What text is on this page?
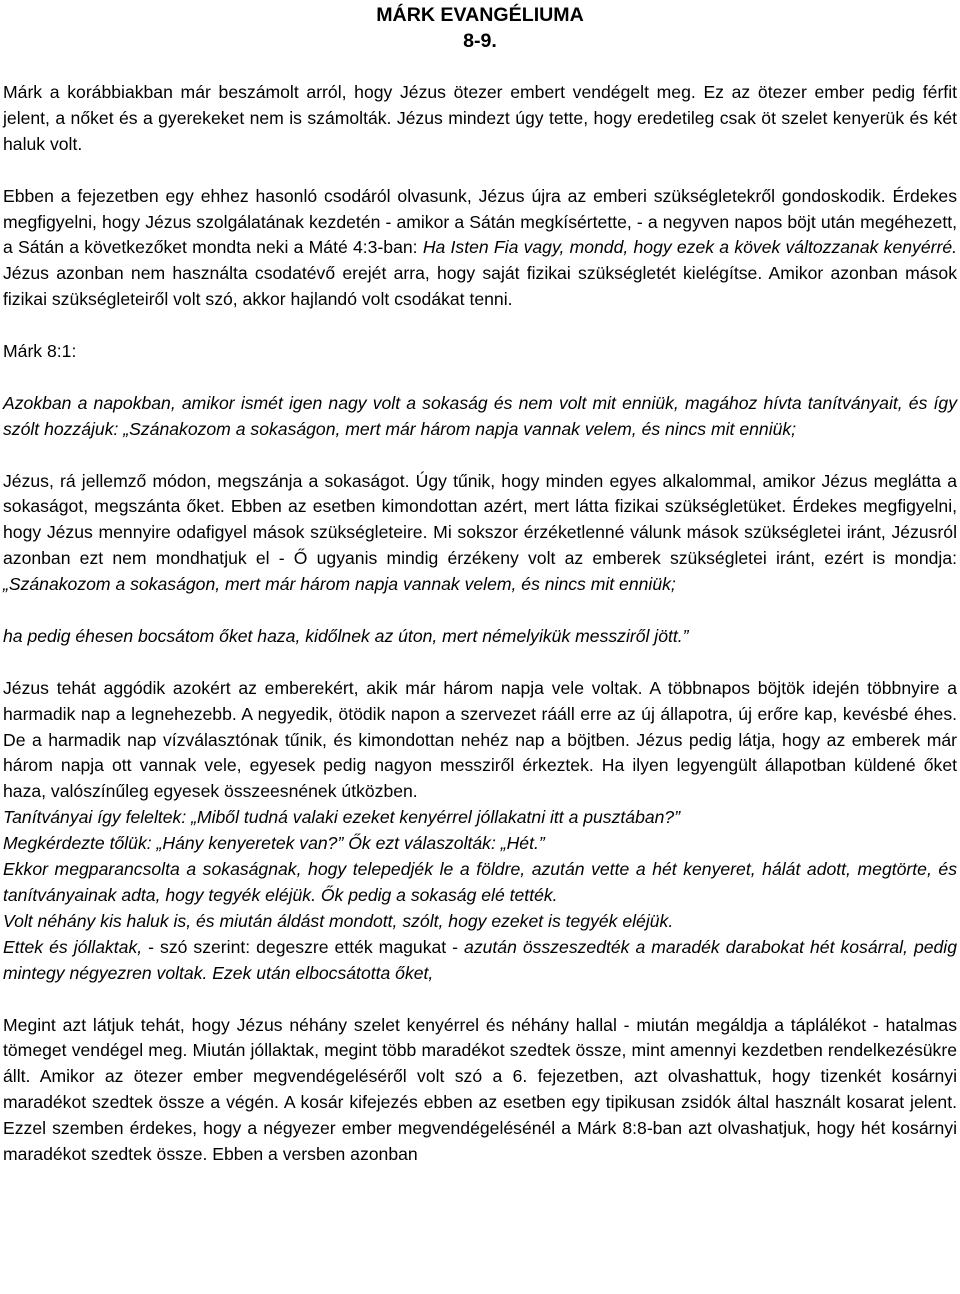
MÁRK EVANGÉLIUMA

8-9.

Márk a korábbiakban már beszámolt arról, hogy Jézus ötezer embert vendégelt meg. Ez az ötezer ember pedig férfit jelent, a nőket és a gyerekeket nem is számolták. Jézus mindezt úgy tette, hogy eredetileg csak öt szelet kenyerük és két haluk volt.

Ebben a fejezetben egy ehhez hasonló csodáról olvasunk, Jézus újra az emberi szükségletekről gondoskodik. Érdekes megfigyelni, hogy Jézus szolgálatának kezdetén - amikor a Sátán megkísértette, - a negyven napos böjt után megéhezett, a Sátán a következőket mondta neki a Máté 4:3-ban: Ha Isten Fia vagy, mondd, hogy ezek a kövek változzanak kenyérré. Jézus azonban nem használta csodatévő erejét arra, hogy saját fizikai szükségletét kielégítse. Amikor azonban mások fizikai szükségleteiről volt szó, akkor hajlandó volt csodákat tenni.

Márk 8:1:

Azokban a napokban, amikor ismét igen nagy volt a sokaság és nem volt mit enniük, magához hívta tanítványait, és így szólt hozzájuk: „Szánakozom a sokaságon, mert már három napja vannak velem, és nincs mit enniük;

Jézus, rá jellemző módon, megszánja a sokaságot. Úgy tűnik, hogy minden egyes alkalommal, amikor Jézus meglátta a sokaságot, megszánta őket. Ebben az esetben kimondottan azért, mert látta fizikai szükségletüket. Érdekes megfigyelni, hogy Jézus mennyire odafigyel mások szükségleteire. Mi sokszor érzéketlenné válunk mások szükségletei iránt, Jézusról azonban ezt nem mondhatjuk el - Ő ugyanis mindig érzékeny volt az emberek szükségletei iránt, ezért is mondja: „Szánakozom a sokaságon, mert már három napja vannak velem, és nincs mit enniük;

ha pedig éhesen bocsátom őket haza, kidőlnek az úton, mert némelyikük messziről jött.”

Jézus tehát aggódik azokért az emberekért, akik már három napja vele voltak. A többnapos böjtök idején többnyire a harmadik nap a legnehezebb. A negyedik, ötödik napon a szervezet rááll erre az új állapotra, új erőre kap, kevésbé éhes. De a harmadik nap vízválasztónak tűnik, és kimondottan nehéz nap a böjtben. Jézus pedig látja, hogy az emberek már három napja ott vannak vele, egyesek pedig nagyon messziről érkeztek. Ha ilyen legyengült állapotban küldené őket haza, valószínűleg egyesek összeesnének útközben.

Tanítványai így feleltek: „Miből tudná valaki ezeket kenyérrel jóllakatni itt a pusztában?”

Megkérdezte tőlük: „Hány kenyeretek van?” Ők ezt válaszolták: „Hét.”

Ekkor megparancsolta a sokaságnak, hogy telepedjék le a földre, azután vette a hét kenyeret, hálát adott, megtörte, és tanítványainak adta, hogy tegyék eléjük. Ők pedig a sokaság elé tették.

Volt néhány kis haluk is, és miután áldást mondott, szólt, hogy ezeket is tegyék eléjük.

Ettek és jóllaktak, - szó szerint: degeszre ették magukat - azután összeszedték a maradék darabokat hét kosárral, pedig mintegy négyezren voltak. Ezek után elbocsátotta őket,

Megint azt látjuk tehát, hogy Jézus néhány szelet kenyérrel és néhány hallal - miután megáldja a táplálékot - hatalmas tömeget vendégel meg. Miután jóllaktak, megint több maradékot szedtek össze, mint amennyi kezdetben rendelkezésükre állt. Amikor az ötezer ember megvendégeléséről volt szó a 6. fejezetben, azt olvashattuk, hogy tizenkét kosárnyi maradékot szedtek össze a végén. A kosár kifejezés ebben az esetben egy tipikusan zsidók által használt kosarat jelent. Ezzel szemben érdekes, hogy a négyezer ember megvendégelésénél a Márk 8:8-ban azt olvashatjuk, hogy hét kosárnyi maradékot szedtek össze. Ebben a versben azonban
